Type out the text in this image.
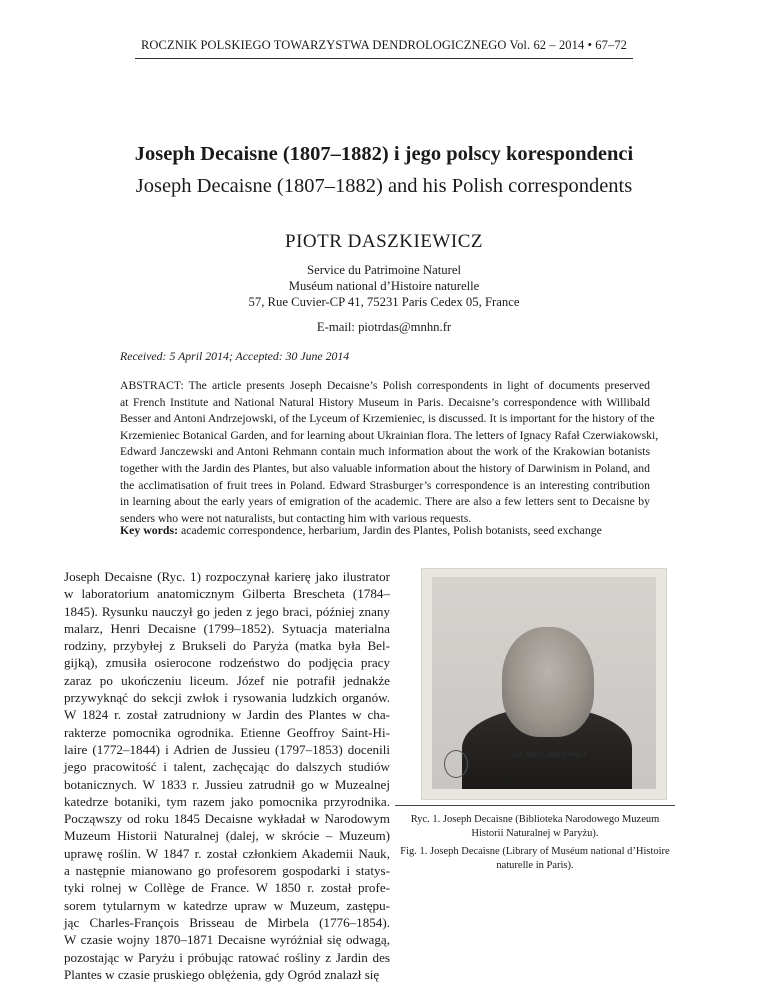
ROCZNIK POLSKIEGO TOWARZYSTWA DENDROLOGICZNEGO Vol. 62 – 2014 • 67–72
Joseph Decaisne (1807–1882) i jego polscy korespondenci
Joseph Decaisne (1807–1882) and his Polish correspondents
PIOTR DASZKIEWICZ
Service du Patrimoine Naturel
Muséum national d’Histoire naturelle
57, Rue Cuvier-CP 41, 75231 Paris Cedex 05, France
E-mail: piotrdas@mnhn.fr
Received: 5 April 2014; Accepted: 30 June 2014
ABSTRACT: The article presents Joseph Decaisne’s Polish correspondents in light of documents preserved
at French Institute and National Natural History Museum in Paris. Decaisne’s correspondence with Willibald
Besser and Antoni Andrzejowski, of the Lyceum of Krzemieniec, is discussed. It is important for the history of the
Krzemieniec Botanical Garden, and for learning about Ukrainian flora. The letters of Ignacy Rafał Czerwiakowski,
Edward Janczewski and Antoni Rehmann contain much information about the work of the Krakowian botanists
together with the Jardin des Plantes, but also valuable information about the history of Darwinism in Poland, and
the acclimatisation of fruit trees in Poland. Edward Strasburger’s correspondence is an interesting contribution
in learning about the early years of emigration of the academic. There are also a few letters sent to Decaisne by
senders who were not naturalists, but contacting him with various requests.
Key words: academic correspondence, herbarium, Jardin des Plantes, Polish botanists, seed exchange
Joseph Decaisne (Ryc. 1) rozpoczynał karierę jako ilustrator
w laboratorium anatomicznym Gilberta Brescheta (1784–
1845). Rysunku nauczył go jeden z jego braci, później znany
malarz, Henri Decaisne (1799–1852). Sytuacja materialna
rodziny, przybyłej z Brukseli do Paryża (matka była Bel-
gijką), zmusiła osierocone rodzeństwo do podjęcia pracy
zaraz po ukończeniu liceum. Józef nie potrafił jednakże
przywyknąć do sekcji zwłok i rysowania ludzkich organów.
W 1824 r. został zatrudniony w Jardin des Plantes w cha-
rakterze pomocnika ogrodnika. Etienne Geoffroy Saint-Hi-
laire (1772–1844) i Adrien de Jussieu (1797–1853) docenili
jego pracowitość i talent, zachęcając do dalszych studiów
botanicznych. W 1833 r. Jussieu zatrudnił go w Muzealnej
katedrze botaniki, tym razem jako pomocnika przyrodnika.
Począwszy od roku 1845 Decaisne wykładał w Narodowym
Muzeum Historii Naturalnej (dalej, w skrócie – Muzeum)
uprawę roślin. W 1847 r. został członkiem Akademii Nauk,
a następnie mianowano go profesorem gospodarki i statys-
tyki rolnej w Collège de France. W 1850 r. został profe-
sorem tytularnym w katedrze upraw w Muzeum, zastępu-
jąc Charles-François Brisseau de Mirbela (1776–1854).
W czasie wojny 1870–1871 Decaisne wyróżniał się odwagą,
pozostając w Paryżu i próbując ratować rośliny z Jardin des
Plantes w czasie pruskiego oblężenia, gdy Ogród znalazł się
CH. REUTLINGER PHOT

Ryc. 1. Joseph Decaisne (Biblioteka Narodowego Muzeum Historii Naturalnej w Paryżu).

Fig. 1. Joseph Decaisne (Library of Muséum national d’Histoire naturelle in Paris).
